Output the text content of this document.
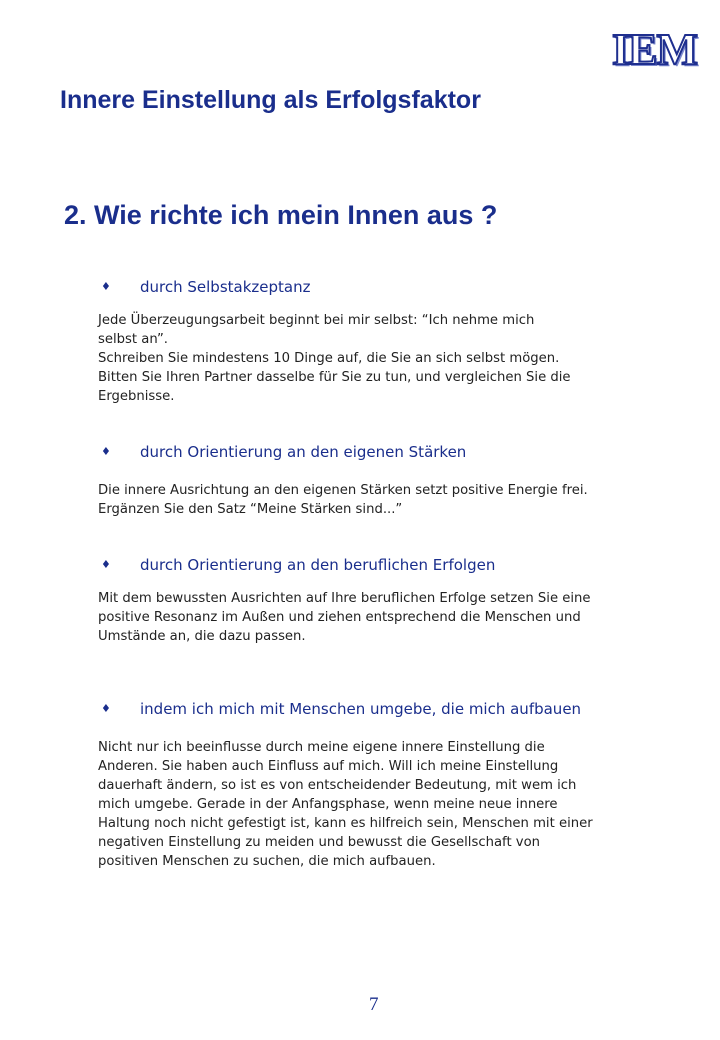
IEM
Innere Einstellung als Erfolgsfaktor
2. Wie richte ich mein Innen aus ?
♦ durch Selbstakzeptanz

Jede Überzeugungsarbeit beginnt bei mir selbst: “Ich nehme mich
selbst an”.
Schreiben Sie mindestens 10 Dinge auf, die Sie an sich selbst mögen.
Bitten Sie Ihren Partner dasselbe für Sie zu tun, und vergleichen Sie die
Ergebnisse.

♦ durch Orientierung an den eigenen Stärken

Die innere Ausrichtung an den eigenen Stärken setzt positive Energie frei.
Ergänzen Sie den Satz “Meine Stärken sind...”

♦ durch Orientierung an den beruflichen Erfolgen

Mit dem bewussten Ausrichten auf Ihre beruflichen Erfolge setzen Sie eine
positive Resonanz im Außen und ziehen entsprechend die Menschen und
Umstände an, die dazu passen.

♦ indem ich mich mit Menschen umgebe, die mich aufbauen

Nicht nur ich beeinflusse durch meine eigene innere Einstellung die
Anderen. Sie haben auch Einfluss auf mich. Will ich meine Einstellung
dauerhaft ändern, so ist es von entscheidender Bedeutung, mit wem ich
mich umgebe. Gerade in der Anfangsphase, wenn meine neue innere
Haltung noch nicht gefestigt ist, kann es hilfreich sein, Menschen mit einer
negativen Einstellung zu meiden und bewusst die Gesellschaft von
positiven Menschen zu suchen, die mich aufbauen.

7
